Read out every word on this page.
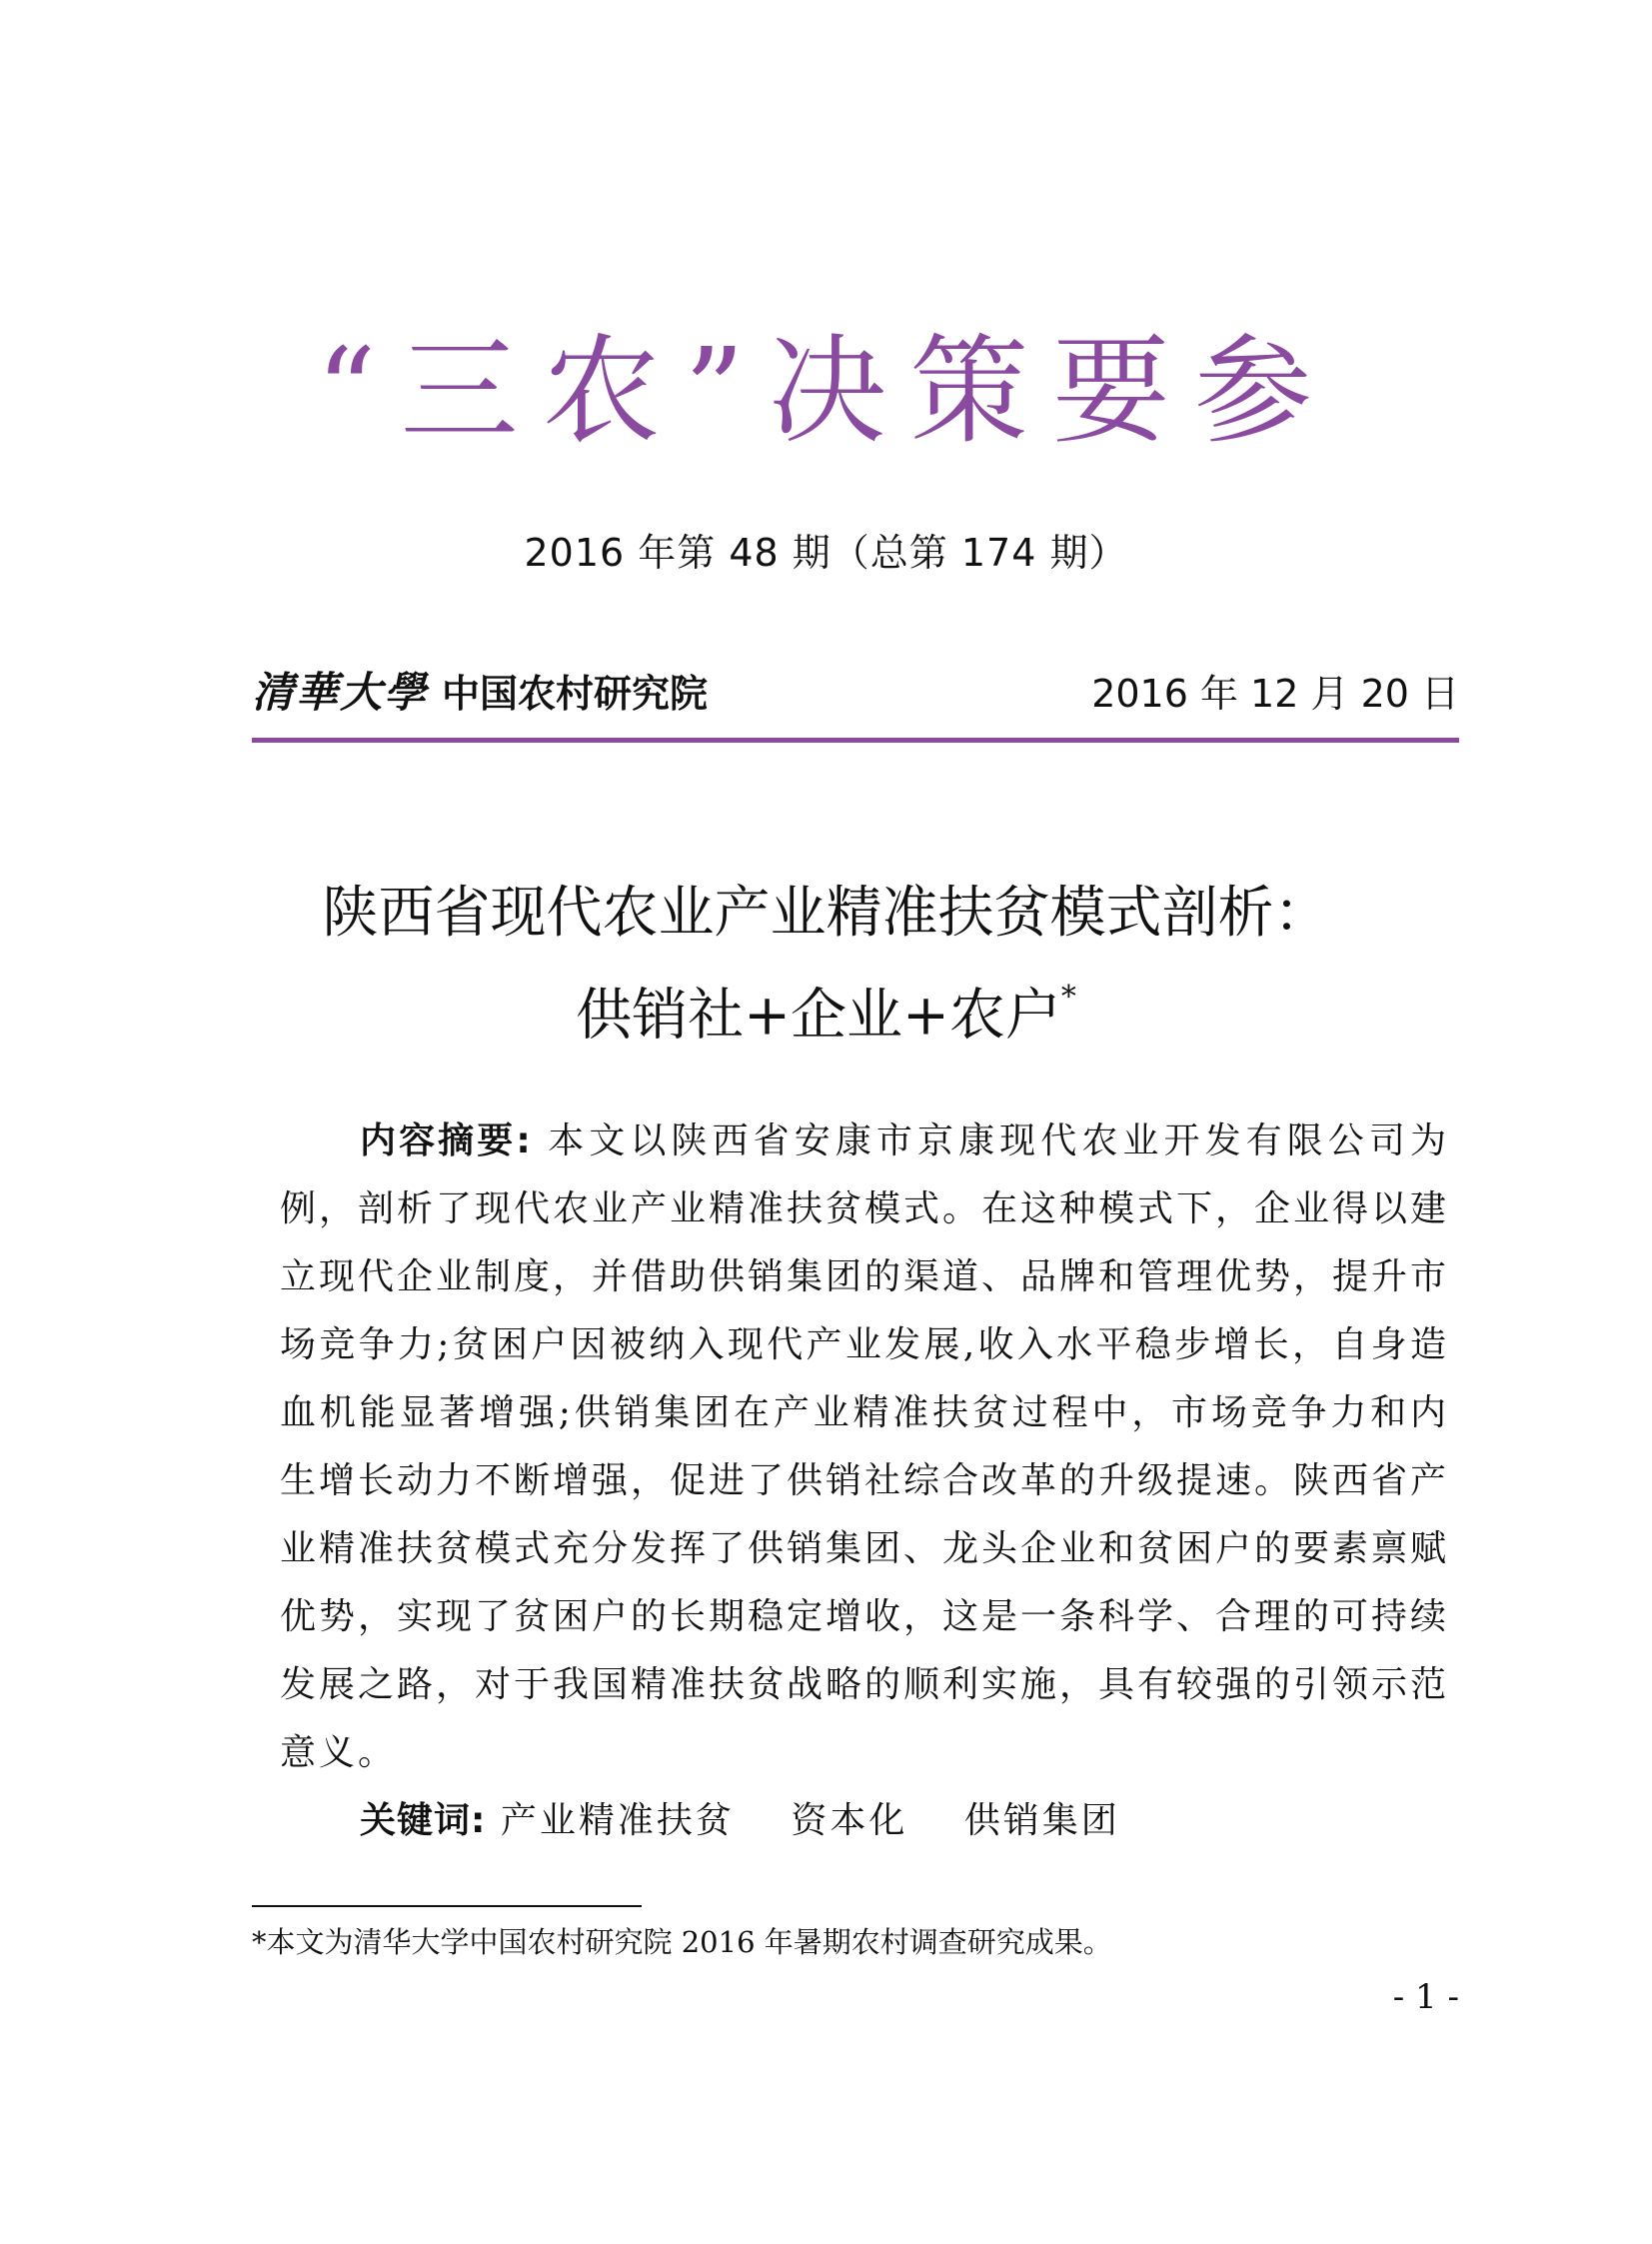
“三农”决策要参
2016 年第 48 期（总第 174 期）
清華大學 中国农村研究院	2016 年 12 月 20 日
陕西省现代农业产业精准扶贫模式剖析：
供销社+企业+农户*
内容摘要: 本文以陕西省安康市京康现代农业开发有限公司为例，剖析了现代农业产业精准扶贫模式。在这种模式下，企业得以建立现代企业制度，并借助供销集团的渠道、品牌和管理优势，提升市场竞争力;贫困户因被纳入现代产业发展,收入水平稳步增长，自身造血机能显著增强;供销集团在产业精准扶贫过程中，市场竞争力和内生增长动力不断增强，促进了供销社综合改革的升级提速。陕西省产业精准扶贫模式充分发挥了供销集团、龙头企业和贫困户的要素禀赋优势，实现了贫困户的长期稳定增收，这是一条科学、合理的可持续发展之路，对于我国精准扶贫战略的顺利实施，具有较强的引领示范意义。
关键词: 产业精准扶贫 资本化 供销集团
*本文为清华大学中国农村研究院 2016 年暑期农村调查研究成果。
- 1 -
